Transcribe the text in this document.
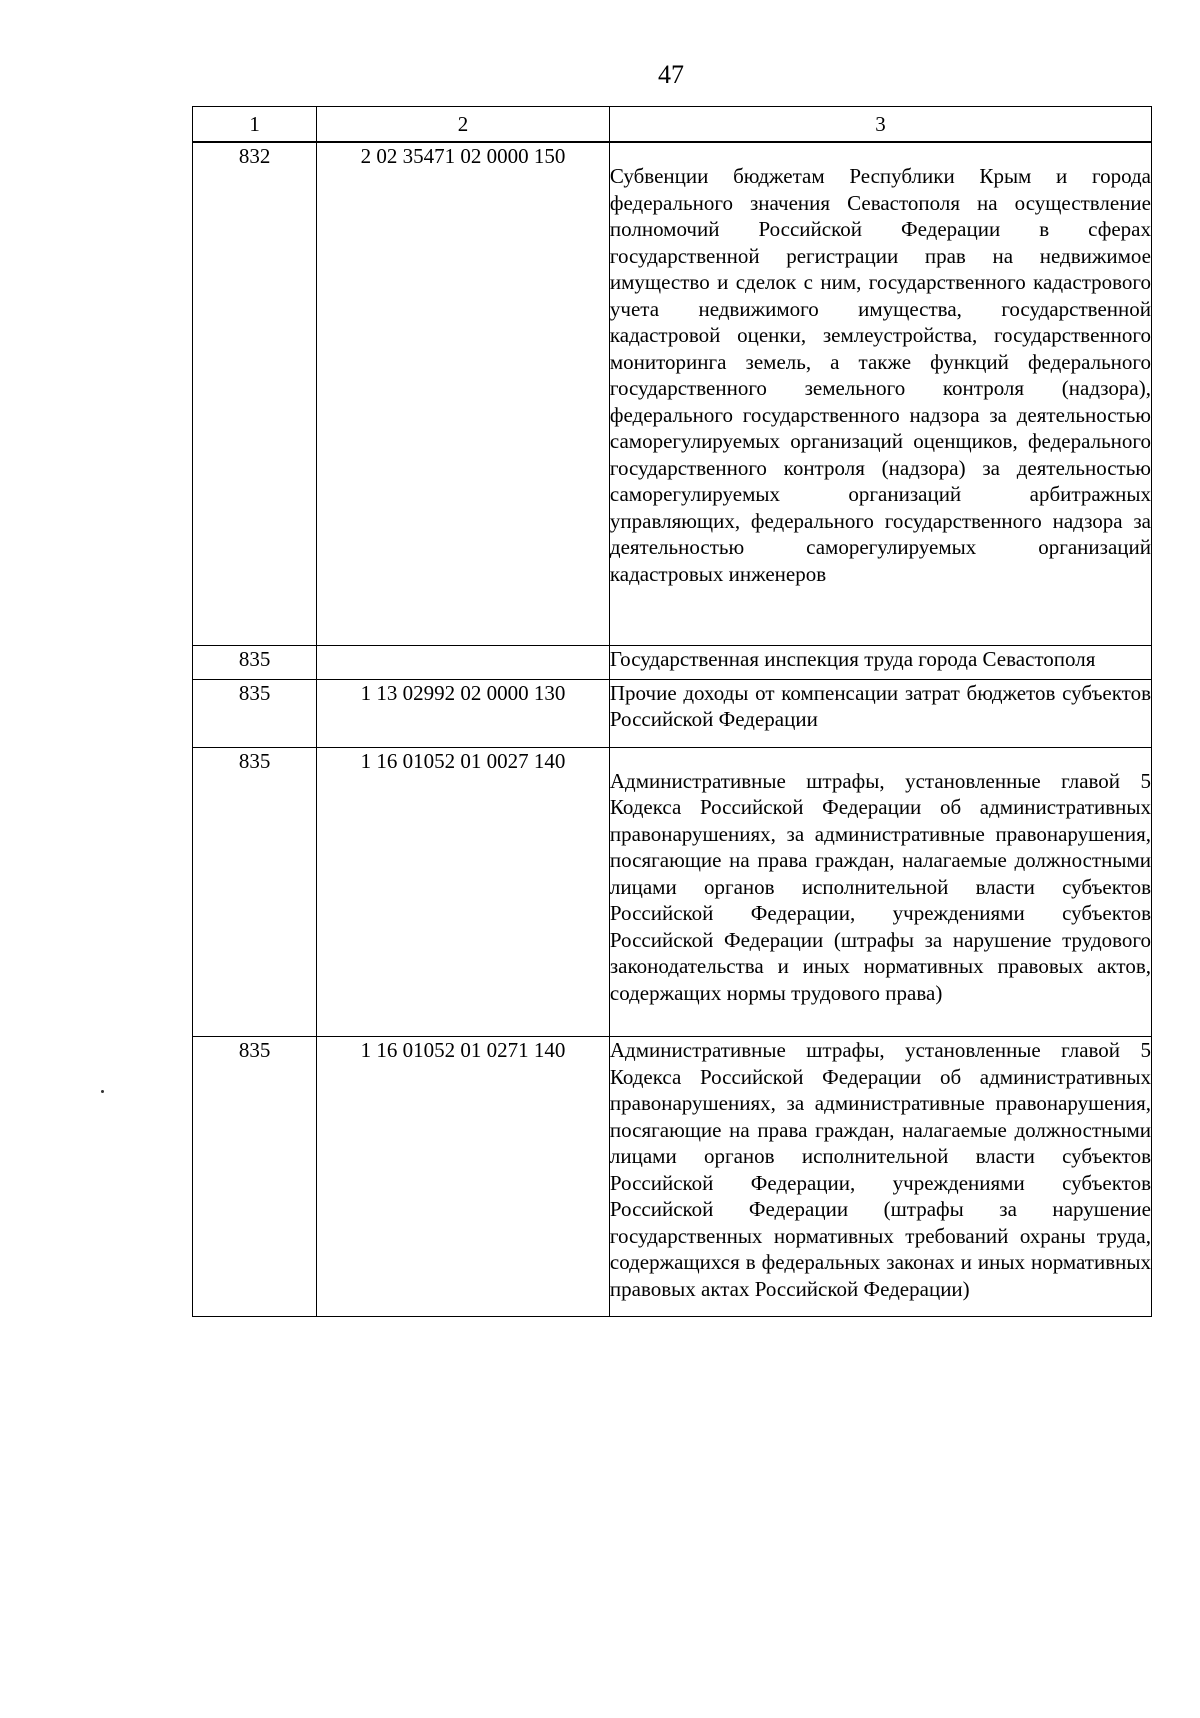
47
1	2	3
832	2 02 35471 02 0000 150	Субвенции бюджетам Республики Крым и города федерального значения Севастополя на осуществление полномочий Российской Федерации в сферах государственной регистрации прав на недвижимое имущество и сделок с ним, государственного кадастрового учета недвижимого имущества, государственной кадастровой оценки, землеустройства, государственного мониторинга земель, а также функций федерального государственного земельного контроля (надзора), федерального государственного надзора за деятельностью саморегулируемых организаций оценщиков, федерального государственного контроля (надзора) за деятельностью саморегулируемых организаций арбитражных управляющих, федерального государственного надзора за деятельностью саморегулируемых организаций кадастровых инженеров
835		Государственная инспекция труда города Севастополя
835	1 13 02992 02 0000 130	Прочие доходы от компенсации затрат бюджетов субъектов Российской Федерации
835	1 16 01052 01 0027 140	Административные штрафы, установленные главой 5 Кодекса Российской Федерации об административных правонарушениях, за административные правонарушения, посягающие на права граждан, налагаемые должностными лицами органов исполнительной власти субъектов Российской Федерации, учреждениями субъектов Российской Федерации (штрафы за нарушение трудового законодательства и иных нормативных правовых актов, содержащих нормы трудового права)
835	1 16 01052 01 0271 140	Административные штрафы, установленные главой 5 Кодекса Российской Федерации об административных правонарушениях, за административные правонарушения, посягающие на права граждан, налагаемые должностными лицами органов исполнительной власти субъектов Российской Федерации, учреждениями субъектов Российской Федерации (штрафы за нарушение государственных нормативных требований охраны труда, содержащихся в федеральных законах и иных нормативных правовых актах Российской Федерации)
